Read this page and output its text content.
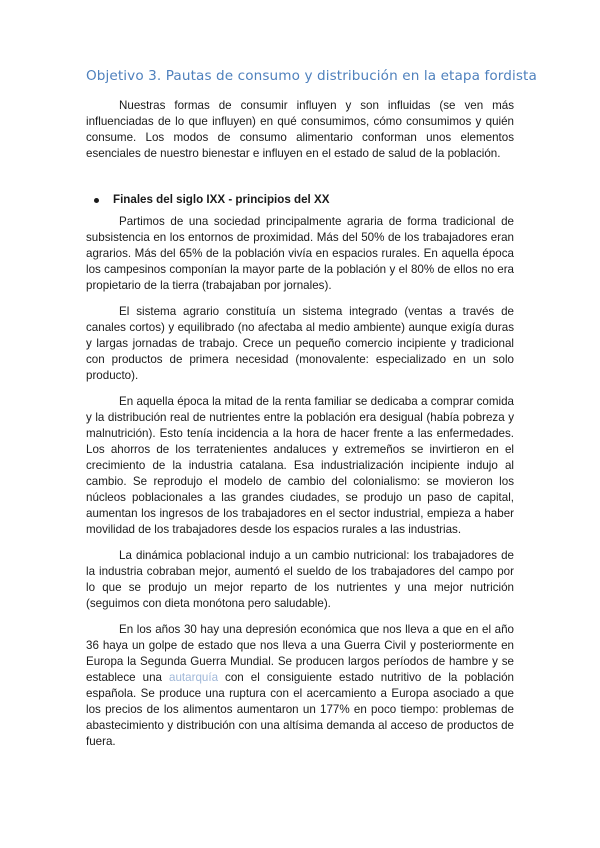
Objetivo 3. Pautas de consumo y distribución en la etapa fordista

Nuestras formas de consumir influyen y son influidas (se ven más influenciadas de lo que influyen) en qué consumimos, cómo consumimos y quién consume. Los modos de consumo alimentario conforman unos elementos esenciales de nuestro bienestar e influyen en el estado de salud de la población.

Finales del siglo IXX - principios del XX

Partimos de una sociedad principalmente agraria de forma tradicional de subsistencia en los entornos de proximidad. Más del 50% de los trabajadores eran agrarios. Más del 65% de la población vivía en espacios rurales. En aquella época los campesinos componían la mayor parte de la población y el 80% de ellos no era propietario de la tierra (trabajaban por jornales).

El sistema agrario constituía un sistema integrado (ventas a través de canales cortos) y equilibrado (no afectaba al medio ambiente) aunque exigía duras y largas jornadas de trabajo. Crece un pequeño comercio incipiente y tradicional con productos de primera necesidad (monovalente: especializado en un solo producto).

En aquella época la mitad de la renta familiar se dedicaba a comprar comida y la distribución real de nutrientes entre la población era desigual (había pobreza y malnutrición). Esto tenía incidencia a la hora de hacer frente a las enfermedades. Los ahorros de los terratenientes andaluces y extremeños se invirtieron en el crecimiento de la industria catalana. Esa industrialización incipiente indujo al cambio. Se reprodujo el modelo de cambio del colonialismo: se movieron los núcleos poblacionales a las grandes ciudades, se produjo un paso de capital, aumentan los ingresos de los trabajadores en el sector industrial, empieza a haber movilidad de los trabajadores desde los espacios rurales a las industrias.

La dinámica poblacional indujo a un cambio nutricional: los trabajadores de la industria cobraban mejor, aumentó el sueldo de los trabajadores del campo por lo que se produjo un mejor reparto de los nutrientes y una mejor nutrición (seguimos con dieta monótona pero saludable).

En los años 30 hay una depresión económica que nos lleva a que en el año 36 haya un golpe de estado que nos lleva a una Guerra Civil y posteriormente en Europa la Segunda Guerra Mundial. Se producen largos períodos de hambre y se establece una autarquía con el consiguiente estado nutritivo de la población española. Se produce una ruptura con el acercamiento a Europa asociado a que los precios de los alimentos aumentaron un 177% en poco tiempo: problemas de abastecimiento y distribución con una altísima demanda al acceso de productos de fuera.
